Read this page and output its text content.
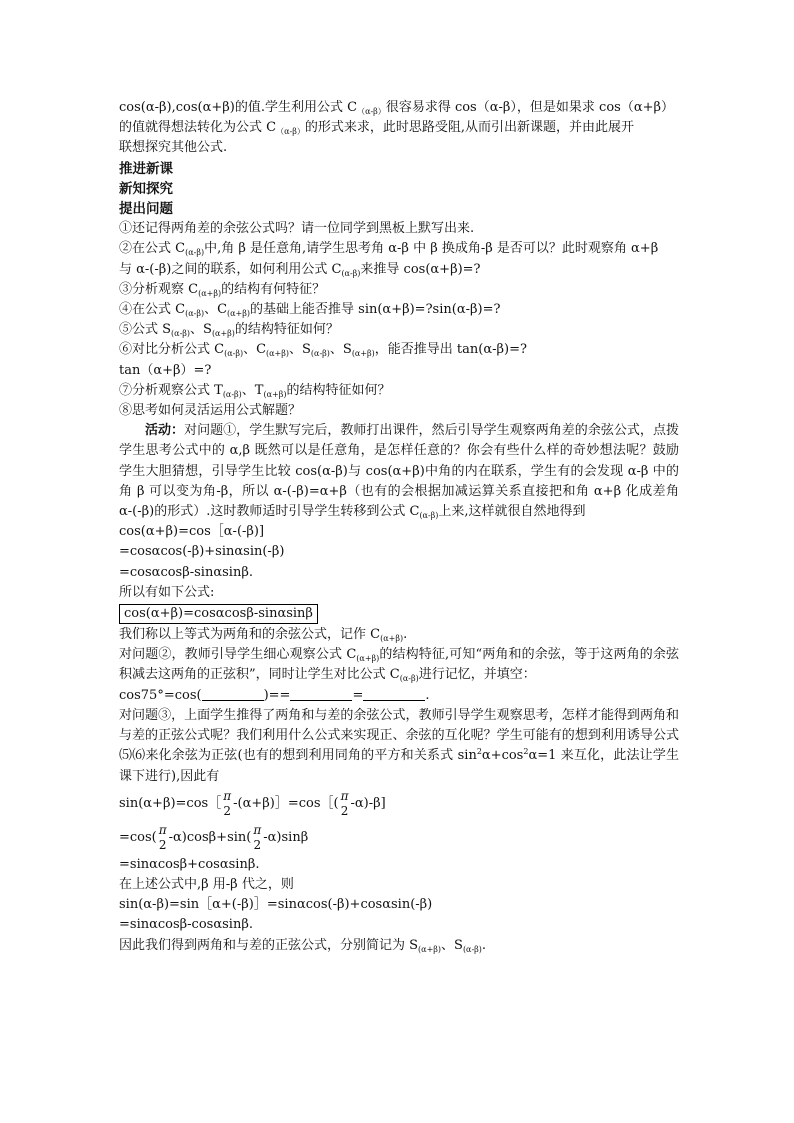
cos(α-β),cos(α+β)的值.学生利用公式 $C_{(\alpha-\beta)}$很容易求得 cos（α-β），但是如果求 cos（α+β）
的值就得想法转化为公式 $C_{(\alpha-\beta)}$的形式来求，此时思路受阻,从而引出新课题，并由此展开
联想探究其他公式.
推进新课
新知探究
提出问题
①还记得两角差的余弦公式吗？请一位同学到黑板上默写出来.
②在公式 $C_{(\alpha-\beta)}$中,角 β 是任意角,请学生思考角 α-β 中 β 换成角-β 是否可以？此时观察角 α+β
与 α-(-β)之间的联系，如何利用公式 $C_{(\alpha-\beta)}$来推导 cos(α+β)=?
③分析观察 $C_{(\alpha+\beta)}$的结构有何特征？
④在公式 $C_{(\alpha-\beta)}$、$C_{(\alpha+\beta)}$的基础上能否推导 sin(α+β)=?sin(α-β)=?
⑤公式 $S_{(\alpha-\beta)}$、$S_{(\alpha+\beta)}$的结构特征如何？
⑥对比分析公式 $C_{(\alpha-\beta)}$、$C_{(\alpha+\beta)}$、$S_{(\alpha-\beta)}$、$S_{(\alpha+\beta)}$，能否推导出 tan(α-β)=?
tan（α+β）=?
⑦分析观察公式 $T_{(\alpha-\beta)}$、$T_{(\alpha+\beta)}$的结构特征如何？
⑧思考如何灵活运用公式解题？
活动：对问题①，学生默写完后，教师打出课件，然后引导学生观察两角差的余弦公式，点拨学生思考公式中的 α,β 既然可以是任意角，是怎样任意的？你会有些什么样的奇妙想法呢？鼓励学生大胆猜想，引导学生比较 cos(α-β)与 cos(α+β)中角的内在联系，学生有的会发现 α-β 中的角 β 可以变为角-β，所以 α-(-β)=α+β（也有的会根据加减运算关系直接把和角 α+β 化成差角 α-(-β)的形式）.这时教师适时引导学生转移到公式 $C_{(\alpha-\beta)}$上来,这样就很自然地得到
cos(α+β)=cos［α-(-β)]
=cosαcos(-β)+sinαsin(-β)
=cosαcosβ-sinαsinβ.
所以有如下公式:
cos(α+β)=cosαcosβ-sinαsinβ
我们称以上等式为两角和的余弦公式，记作 $C_{(\alpha+\beta)}$.
对问题②，教师引导学生细心观察公式 $C_{(\alpha+\beta)}$的结构特征,可知“两角和的余弦，等于这两角的余弦积减去这两角的正弦积”，同时让学生对比公式 $C_{(\alpha-\beta)}$进行记忆，并填空：
cos75°=cos(	)==	=	.
对问题③，上面学生推得了两角和与差的余弦公式，教师引导学生观察思考，怎样才能得到两角和与差的正弦公式呢？我们利用什么公式来实现正、余弦的互化呢？学生可能有的想到利用诱导公式⑸⑹来化余弦为正弦(也有的想到利用同角的平方和关系式 $\sin^2\alpha+\cos^2\alpha=1$ 来互化，此法让学生课下进行),因此有
sin(α+β)=cos［ π
2
-(α+β)］=cos［( π
2
-α)-β]
=cos( π
2
-α)cosβ+sin( π
2
-α)sinβ
=sinαcosβ+cosαsinβ.
在上述公式中,β 用-β 代之，则
sin(α-β)=sin［α+(-β)］=sinαcos(-β)+cosαsin(-β)
=sinαcosβ-cosαsinβ.
因此我们得到两角和与差的正弦公式，分别简记为 $S_{(\alpha+\beta)}$、$S_{(\alpha-\beta)}$.
